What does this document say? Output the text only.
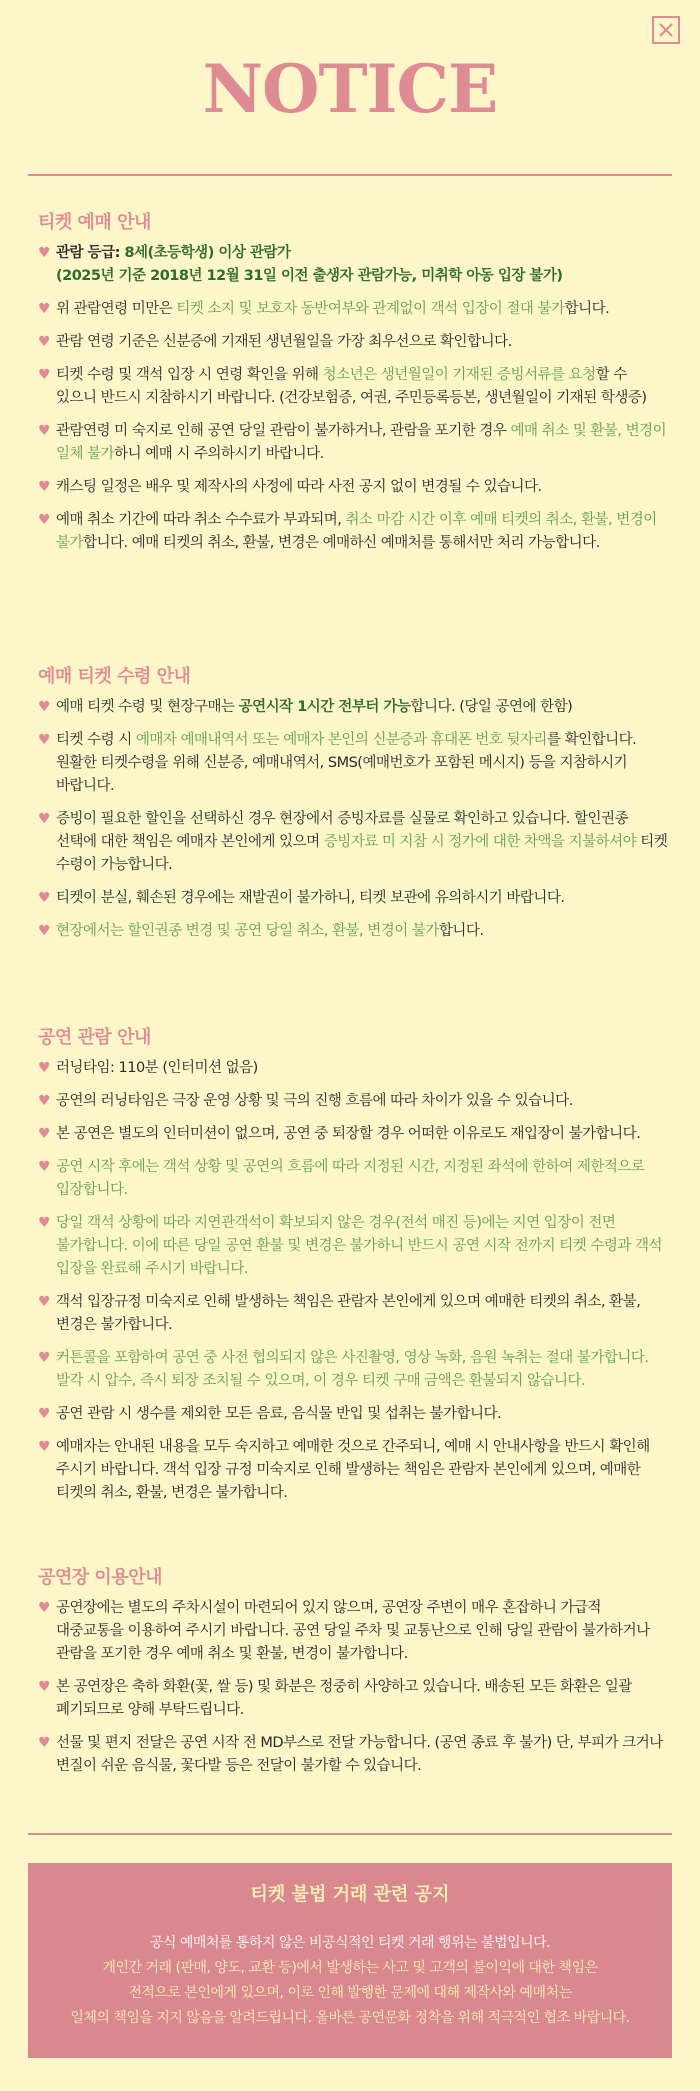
NOTICE
티켓 예매 안내
♥ 관람 등급: 8세(초등학생) 이상 관람가
(2025년 기준 2018년 12월 31일 이전 출생자 관람가능, 미취학 아동 입장 불가)
♥ 위 관람연령 미만은 티켓 소지 및 보호자 동반여부와 관계없이 객석 입장이 절대 불가합니다.
♥ 관람 연령 기준은 신분증에 기재된 생년월일을 가장 최우선으로 확인합니다.
♥ 티켓 수령 및 객석 입장 시 연령 확인을 위해 청소년은 생년월일이 기재된 증빙서류를 요청할 수 있으니 반드시 지참하시기 바랍니다. (건강보험증, 여권, 주민등록등본, 생년월일이 기재된 학생증)
♥ 관람연령 미 숙지로 인해 공연 당일 관람이 불가하거나, 관람을 포기한 경우 예매 취소 및 환불, 변경이 일체 불가하니 예매 시 주의하시기 바랍니다.
♥ 캐스팅 일정은 배우 및 제작사의 사정에 따라 사전 공지 없이 변경될 수 있습니다.
♥ 예매 취소 기간에 따라 취소 수수료가 부과되며, 취소 마감 시간 이후 예매 티켓의 취소, 환불, 변경이 불가합니다. 예매 티켓의 취소, 환불, 변경은 예매하신 예매처를 통해서만 처리 가능합니다.
예매 티켓 수령 안내
♥ 예매 티켓 수령 및 현장구매는 공연시작 1시간 전부터 가능합니다. (당일 공연에 한함)
♥ 티켓 수령 시 예매자 예매내역서 또는 예매자 본인의 신분증과 휴대폰 번호 뒷자리를 확인합니다. 원활한 티켓수령을 위해 신분증, 예매내역서, SMS(예매번호가 포함된 메시지) 등을 지참하시기 바랍니다.
♥ 증빙이 필요한 할인을 선택하신 경우 현장에서 증빙자료를 실물로 확인하고 있습니다. 할인권종 선택에 대한 책임은 예매자 본인에게 있으며 증빙자료 미 지참 시 정가에 대한 차액을 지불하셔야 티켓 수령이 가능합니다.
♥ 티켓이 분실, 훼손된 경우에는 재발권이 불가하니, 티켓 보관에 유의하시기 바랍니다.
♥ 현장에서는 할인권종 변경 및 공연 당일 취소, 환불, 변경이 불가합니다.
공연 관람 안내
♥ 러닝타임: 110분 (인터미션 없음)
♥ 공연의 러닝타임은 극장 운영 상황 및 극의 진행 흐름에 따라 차이가 있을 수 있습니다.
♥ 본 공연은 별도의 인터미션이 없으며, 공연 중 퇴장할 경우 어떠한 이유로도 재입장이 불가합니다.
♥ 공연 시작 후에는 객석 상황 및 공연의 흐름에 따라 지정된 시간, 지정된 좌석에 한하여 제한적으로 입장합니다.
♥ 당일 객석 상황에 따라 지연관객석이 확보되지 않은 경우(전석 매진 등)에는 지연 입장이 전면 불가합니다. 이에 따른 당일 공연 환불 및 변경은 불가하니 반드시 공연 시작 전까지 티켓 수령과 객석 입장을 완료해 주시기 바랍니다.
♥ 객석 입장규정 미숙지로 인해 발생하는 책임은 관람자 본인에게 있으며 예매한 티켓의 취소, 환불, 변경은 불가합니다.
♥ 커튼콜을 포함하여 공연 중 사전 협의되지 않은 사진촬영, 영상 녹화, 음원 녹취는 절대 불가합니다. 발각 시 압수, 즉시 퇴장 조치될 수 있으며, 이 경우 티켓 구매 금액은 환불되지 않습니다.
♥ 공연 관람 시 생수를 제외한 모든 음료, 음식물 반입 및 섭취는 불가합니다.
♥ 예매자는 안내된 내용을 모두 숙지하고 예매한 것으로 간주되니, 예매 시 안내사항을 반드시 확인해 주시기 바랍니다. 객석 입장 규정 미숙지로 인해 발생하는 책임은 관람자 본인에게 있으며, 예매한 티켓의 취소, 환불, 변경은 불가합니다.
공연장 이용안내
♥ 공연장에는 별도의 주차시설이 마련되어 있지 않으며, 공연장 주변이 매우 혼잡하니 가급적 대중교통을 이용하여 주시기 바랍니다. 공연 당일 주차 및 교통난으로 인해 당일 관람이 불가하거나 관람을 포기한 경우 예매 취소 및 환불, 변경이 불가합니다.
♥ 본 공연장은 축하 화환(꽃, 쌀 등) 및 화분은 정중히 사양하고 있습니다. 배송된 모든 화환은 일괄 폐기되므로 양해 부탁드립니다.
♥ 선물 및 편지 전달은 공연 시작 전 MD부스로 전달 가능합니다. (공연 종료 후 불가) 단, 부피가 크거나 변질이 쉬운 음식물, 꽃다발 등은 전달이 불가할 수 있습니다.
티켓 불법 거래 관련 공지
공식 예매처를 통하지 않은 비공식적인 티켓 거래 행위는 불법입니다.
개인간 거래 (판매, 양도, 교환 등)에서 발생하는 사고 및 고객의 불이익에 대한 책임은
전적으로 본인에게 있으며, 이로 인해 발행한 문제에 대해 제작사와 예매처는
일체의 책임을 지지 않음을 알려드립니다. 올바른 공연문화 정착을 위해 적극적인 협조 바랍니다.
